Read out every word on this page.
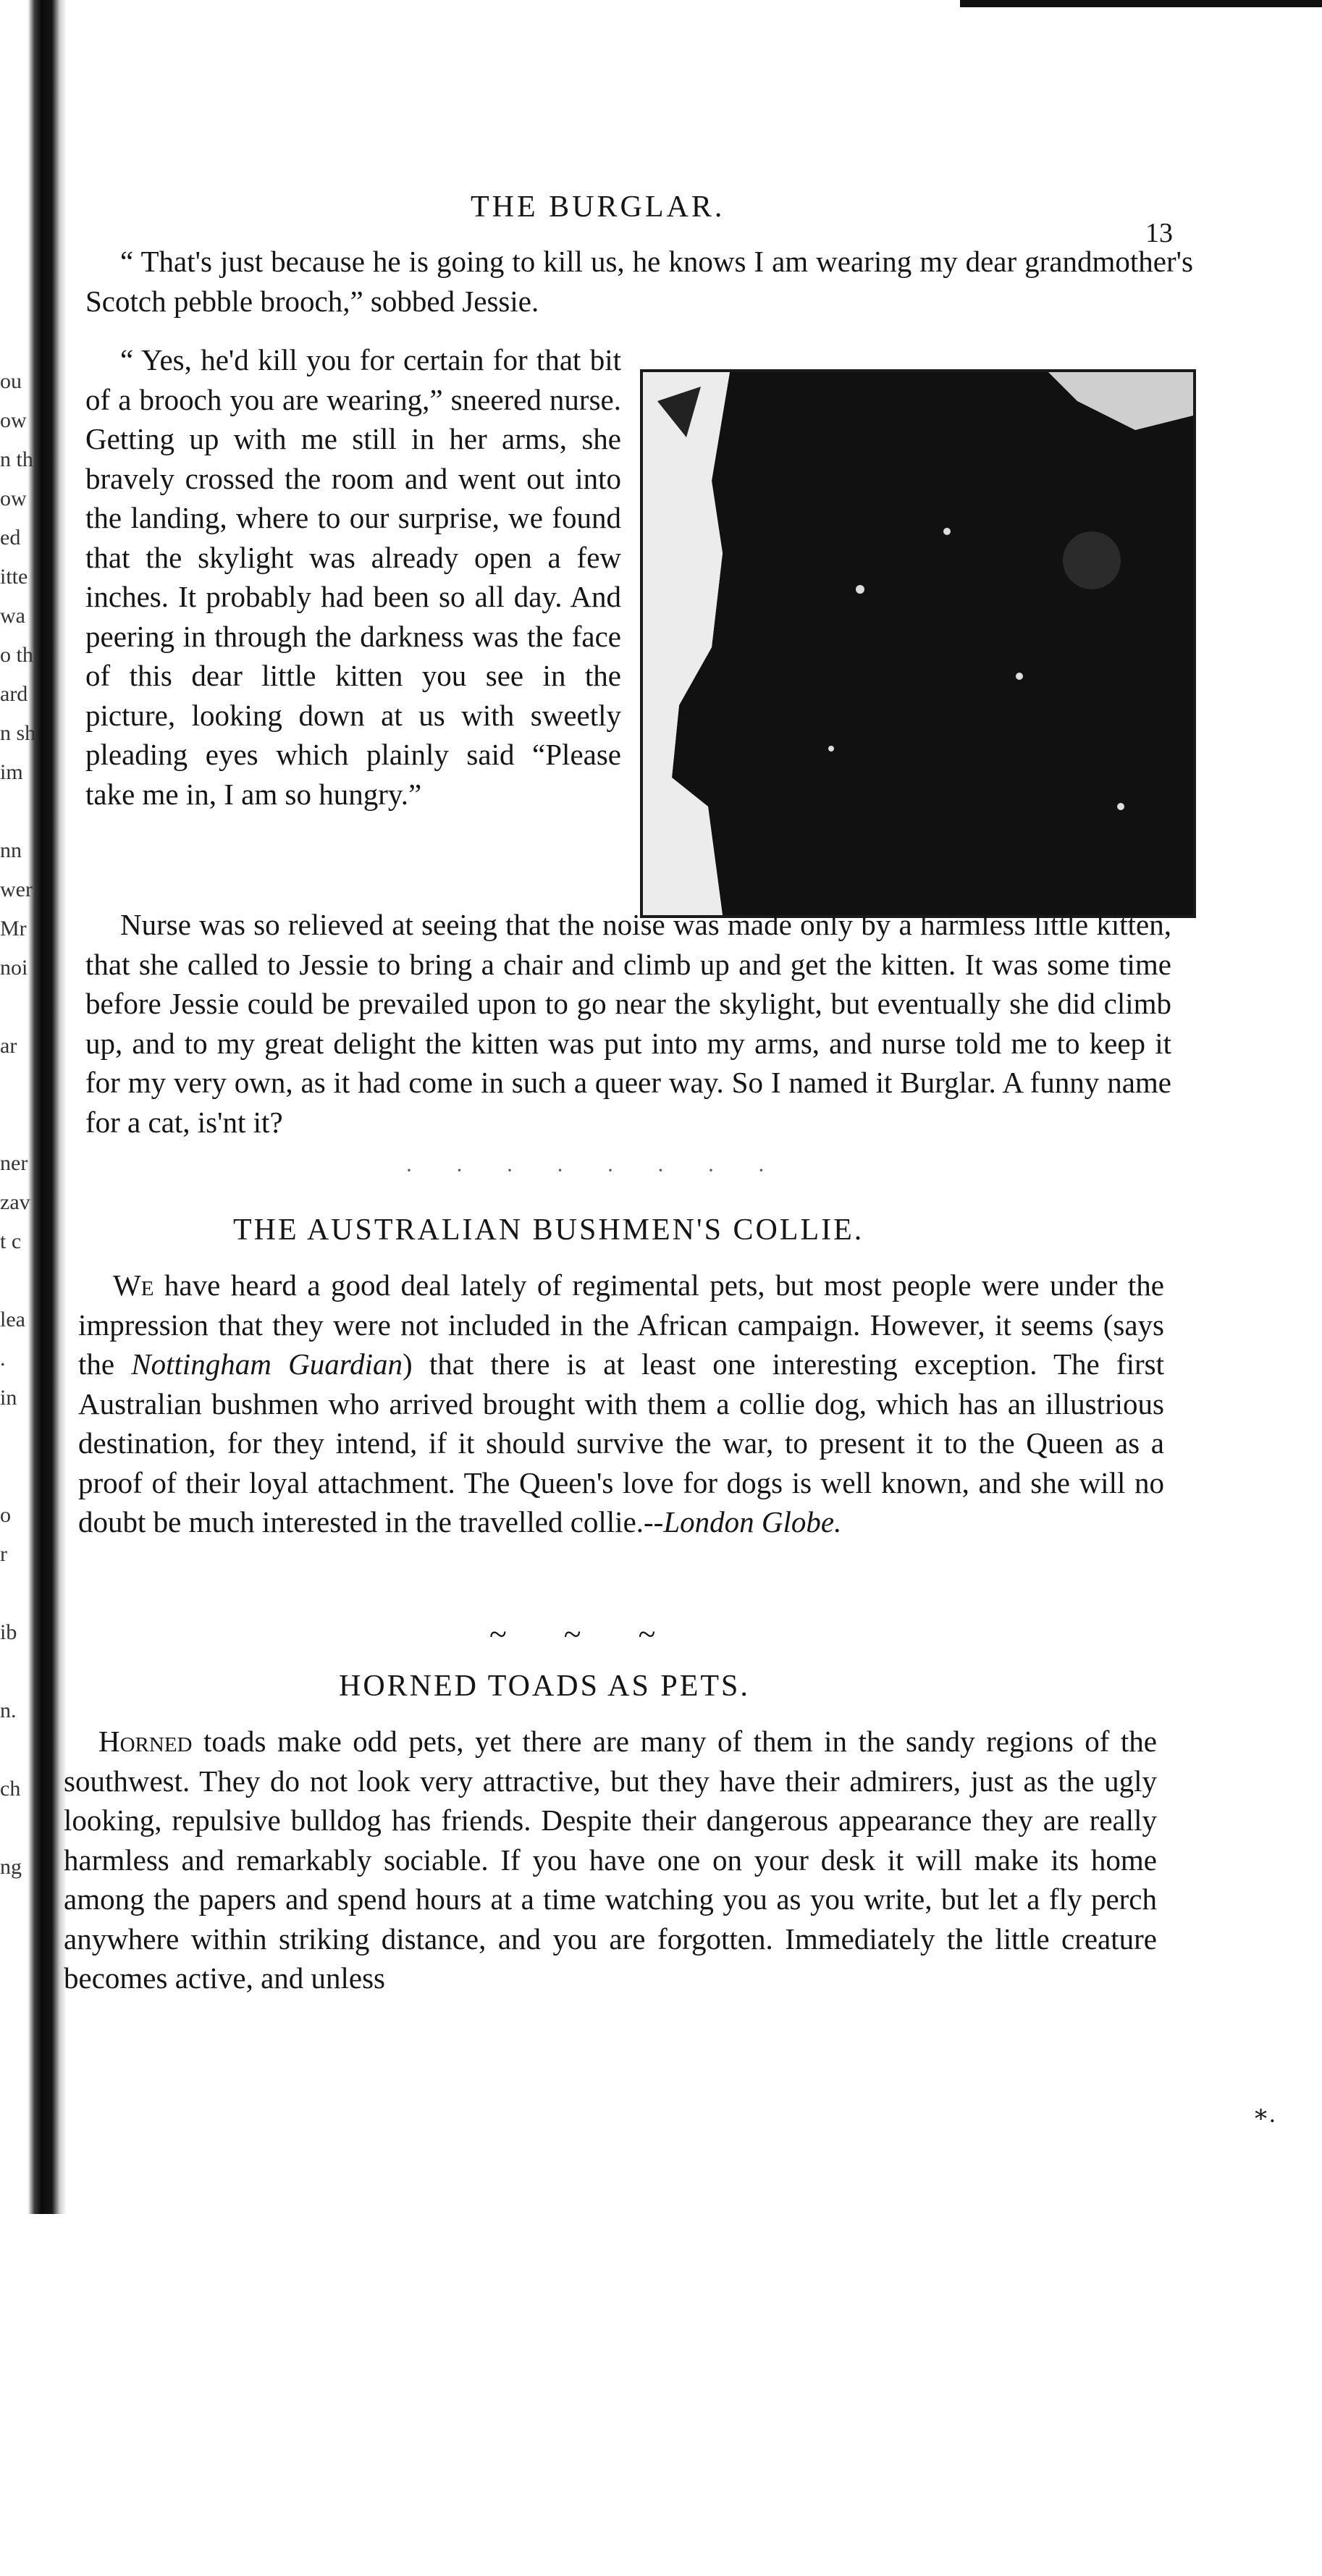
ou
ow
n th
ow
ed
itte
wa
o th
ard
n sh
im

nn
wer
Mr
noi

ar

ner
zav
t c

lea
.
in

o
r

ib

n.

ch

ng

THE BURGLAR.
13

“ That's just because he is going to kill us, he knows I am wearing my dear grandmother's Scotch pebble brooch,” sobbed Jessie.

“ Yes, he'd kill you for certain for that bit of a brooch you are wearing,” sneered nurse. Getting up with me still in her arms, she bravely crossed the room and went out into the landing, where to our surprise, we found that the skylight was already open a few inches. It probably had been so all day. And peering in through the darkness was the face of this dear little kitten you see in the picture, looking down at us with sweetly pleading eyes which plainly said “Please take me in, I am so hungry.”

Nurse was so relieved at seeing that the noise was made only by a harmless little kitten, that she called to Jessie to bring a chair and climb up and get the kitten. It was some time before Jessie could be prevailed upon to go near the skylight, but eventually she did climb up, and to my great delight the kitten was put into my arms, and nurse told me to keep it for my very own, as it had come in such a queer way. So I named it Burglar. A funny name for a cat, is'nt it?

· · · · · · · ·
THE AUSTRALIAN BUSHMEN'S COLLIE.

We have heard a good deal lately of regimental pets, but most people were under the impression that they were not included in the African campaign. However, it seems (says the Nottingham Guardian) that there is at least one interesting exception. The first Australian bushmen who arrived brought with them a collie dog, which has an illustrious destination, for they intend, if it should survive the war, to present it to the Queen as a proof of their loyal attachment. The Queen's love for dogs is well known, and she will no doubt be much interested in the travelled collie.--London Globe.

~ ~ ~
HORNED TOADS AS PETS.

Horned toads make odd pets, yet there are many of them in the sandy regions of the southwest. They do not look very attractive, but they have their admirers, just as the ugly looking, repulsive bulldog has friends. Despite their dangerous appearance they are really harmless and remarkably sociable. If you have one on your desk it will make its home among the papers and spend hours at a time watching you as you write, but let a fly perch anywhere within striking distance, and you are forgotten. Immediately the little creature becomes active, and unless

∗.
